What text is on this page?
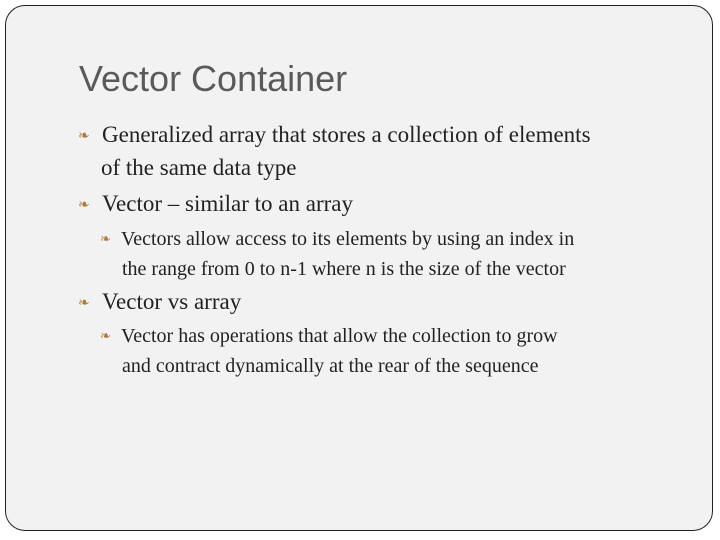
Vector Container
❧ Generalized array that stores a collection of elements
of the same data type
❧ Vector – similar to an array
❧ Vectors allow access to its elements by using an index in
the range from 0 to n-1 where n is the size of the vector
❧ Vector vs array
❧ Vector has operations that allow the collection to grow
and contract dynamically at the rear of the sequence
